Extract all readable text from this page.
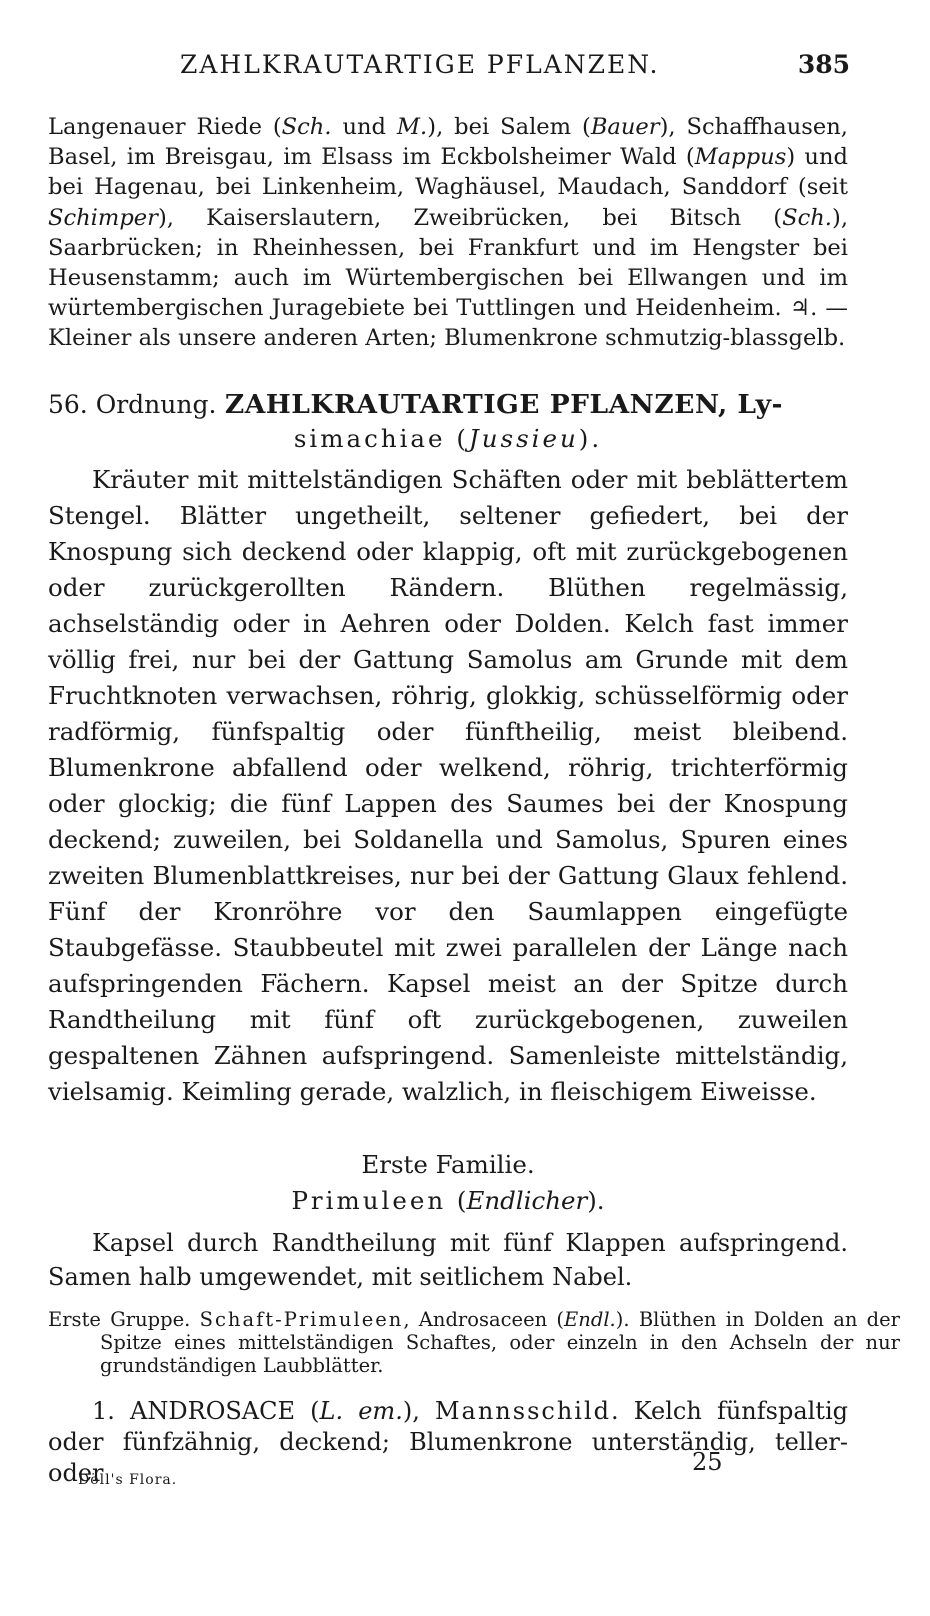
ZAHLKRAUTARTIGE PFLANZEN.	385
Langenauer Riede (Sch. und M.), bei Salem (Bauer), Schaffhausen, Basel, im Breisgau, im Elsass im Eckbolsheimer Wald (Mappus) und bei Hagenau, bei Linkenheim, Waghäusel, Maudach, Sanddorf (seit Schimper), Kaiserslautern, Zweibrücken, bei Bitsch (Sch.), Saarbrücken; in Rheinhessen, bei Frankfurt und im Hengster bei Heusenstamm; auch im Würtembergischen bei Ellwangen und im würtembergischen Juragebiete bei Tuttlingen und Heidenheim. ♃. — Kleiner als unsere anderen Arten; Blumenkrone schmutzig-blassgelb.
56. Ordnung. ZAHLKRAUTARTIGE PFLANZEN, Ly-
simachiae (Jussieu).
Kräuter mit mittelständigen Schäften oder mit beblättertem Stengel. Blätter ungetheilt, seltener gefiedert, bei der Knospung sich deckend oder klappig, oft mit zurückgebogenen oder zurückgerollten Rändern. Blüthen regelmässig, achselständig oder in Aehren oder Dolden. Kelch fast immer völlig frei, nur bei der Gattung Samolus am Grunde mit dem Fruchtknoten verwachsen, röhrig, glokkig, schüsselförmig oder radförmig, fünfspaltig oder fünftheilig, meist bleibend. Blumenkrone abfallend oder welkend, röhrig, trichterförmig oder glockig; die fünf Lappen des Saumes bei der Knospung deckend; zuweilen, bei Soldanella und Samolus, Spuren eines zweiten Blumenblattkreises, nur bei der Gattung Glaux fehlend. Fünf der Kronröhre vor den Saumlappen eingefügte Staubgefässe. Staubbeutel mit zwei parallelen der Länge nach aufspringenden Fächern. Kapsel meist an der Spitze durch Randtheilung mit fünf oft zurückgebogenen, zuweilen gespaltenen Zähnen aufspringend. Samenleiste mittelständig, vielsamig. Keimling gerade, walzlich, in fleischigem Eiweisse.
Erste Familie.
Primuleen (Endlicher).
Kapsel durch Randtheilung mit fünf Klappen aufspringend. Samen halb umgewendet, mit seitlichem Nabel.
Erste Gruppe. Schaft-Primuleen, Androsaceen (Endl.). Blüthen in Dolden an der Spitze eines mittelständigen Schaftes, oder einzeln in den Achseln der nur grundständigen Laubblätter.
1. ANDROSACE (L. em.), Mannsschild. Kelch fünfspaltig oder fünfzähnig, deckend; Blumenkrone unterständig, teller- oder
Döll's Flora.
25
